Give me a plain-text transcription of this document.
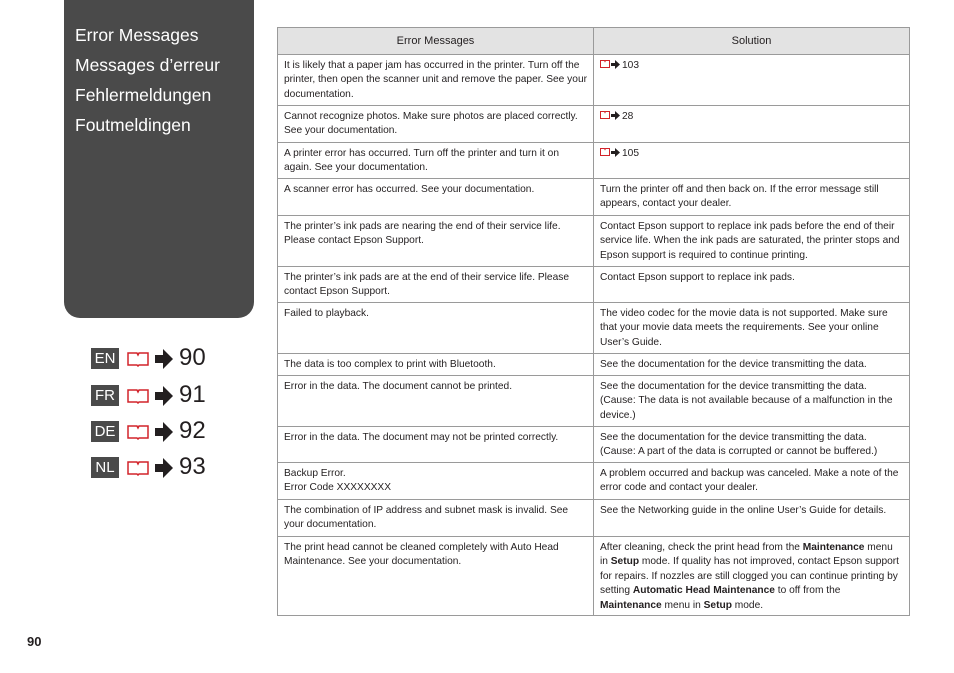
Error Messages
Messages d’erreur
Fehlermeldungen
Foutmeldingen
EN	90
FR	91
DE	92
NL	93
Error Messages	Solution
It is likely that a paper jam has occurred in the printer. Turn off the printer, then open the scanner unit and remove the paper. See your documentation.	103
Cannot recognize photos. Make sure photos are placed correctly. See your documentation.	28
A printer error has occurred. Turn off the printer and turn it on again. See your documentation.	105
A scanner error has occurred. See your documentation.	Turn the printer off and then back on. If the error message still appears, contact your dealer.
The printer’s ink pads are nearing the end of their service life. Please contact Epson Support.	Contact Epson support to replace ink pads before the end of their service life. When the ink pads are saturated, the printer stops and Epson support is required to continue printing.
The printer’s ink pads are at the end of their service life. Please contact Epson Support.	Contact Epson support to replace ink pads.
Failed to playback.	The video codec for the movie data is not supported. Make sure that your movie data meets the requirements. See your online User’s Guide.
The data is too complex to print with Bluetooth.	See the documentation for the device transmitting the data.
Error in the data. The document cannot be printed.	See the documentation for the device transmitting the data. (Cause: The data is not available because of a malfunction in the device.)
Error in the data. The document may not be printed correctly.	See the documentation for the device transmitting the data. (Cause: A part of the data is corrupted or cannot be buffered.)
Backup Error.
Error Code XXXXXXXX	A problem occurred and backup was canceled. Make a note of the error code and contact your dealer.
The combination of IP address and subnet mask is invalid. See your documentation.	See the Networking guide in the online User’s Guide for details.
The print head cannot be cleaned completely with Auto Head Maintenance. See your documentation.	After cleaning, check the print head from the Maintenance menu in Setup mode. If quality has not improved, contact Epson support for repairs. If nozzles are still clogged you can continue printing by setting Automatic Head Maintenance to off from the Maintenance menu in Setup mode.
90
